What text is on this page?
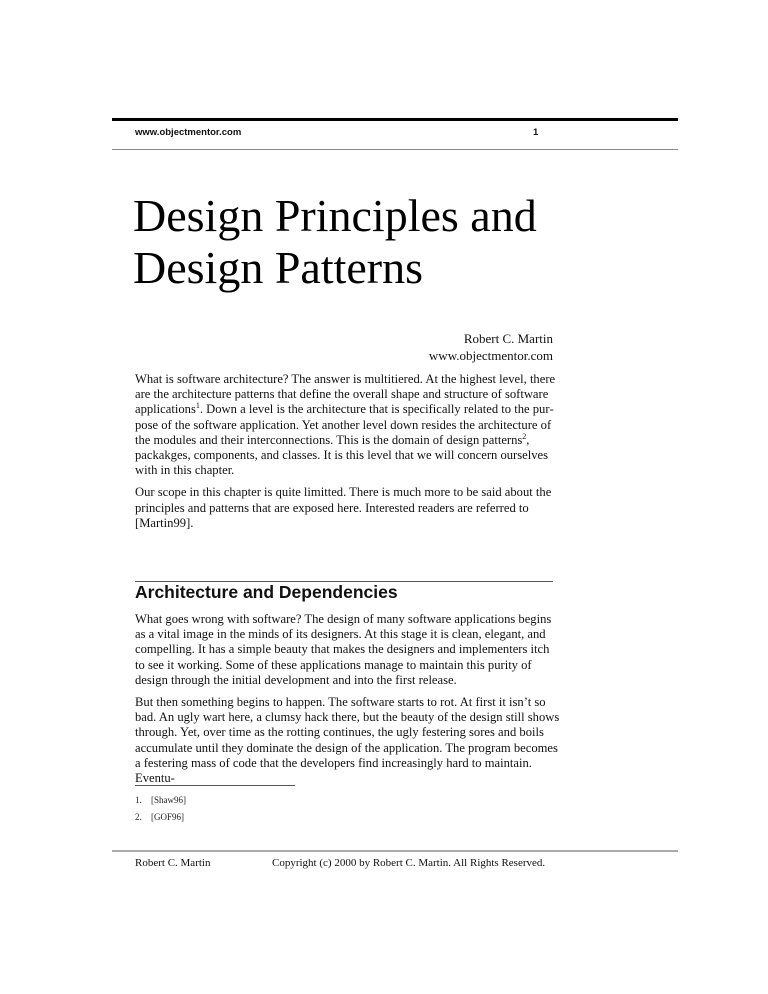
www.objectmentor.com	1
Design Principles and
Design Patterns
Robert C. Martin
www.objectmentor.com

What is software architecture? The answer is multitiered. At the highest level, there are the architecture patterns that define the overall shape and structure of software applications$^1$. Down a level is the architecture that is specifically related to the purpose of the software application. Yet another level down resides the architecture of the modules and their interconnections. This is the domain of design patterns$^2$, packakges, components, and classes. It is this level that we will concern ourselves with in this chapter.

Our scope in this chapter is quite limitted. There is much more to be said about the principles and patterns that are exposed here. Interested readers are referred to [Martin99].

Architecture and Dependencies

What goes wrong with software? The design of many software applications begins as a vital image in the minds of its designers. At this stage it is clean, elegant, and compelling. It has a simple beauty that makes the designers and implementers itch to see it working. Some of these applications manage to maintain this purity of design through the initial development and into the first release.

But then something begins to happen. The software starts to rot. At first it isn’t so bad. An ugly wart here, a clumsy hack there, but the beauty of the design still shows through. Yet, over time as the rotting continues, the ugly festering sores and boils accumulate until they dominate the design of the application. The program becomes a festering mass of code that the developers find increasingly hard to maintain. Eventu-

1. [Shaw96]
2. [GOF96]
Robert C. Martin	Copyright (c) 2000 by Robert C. Martin. All Rights Reserved.
